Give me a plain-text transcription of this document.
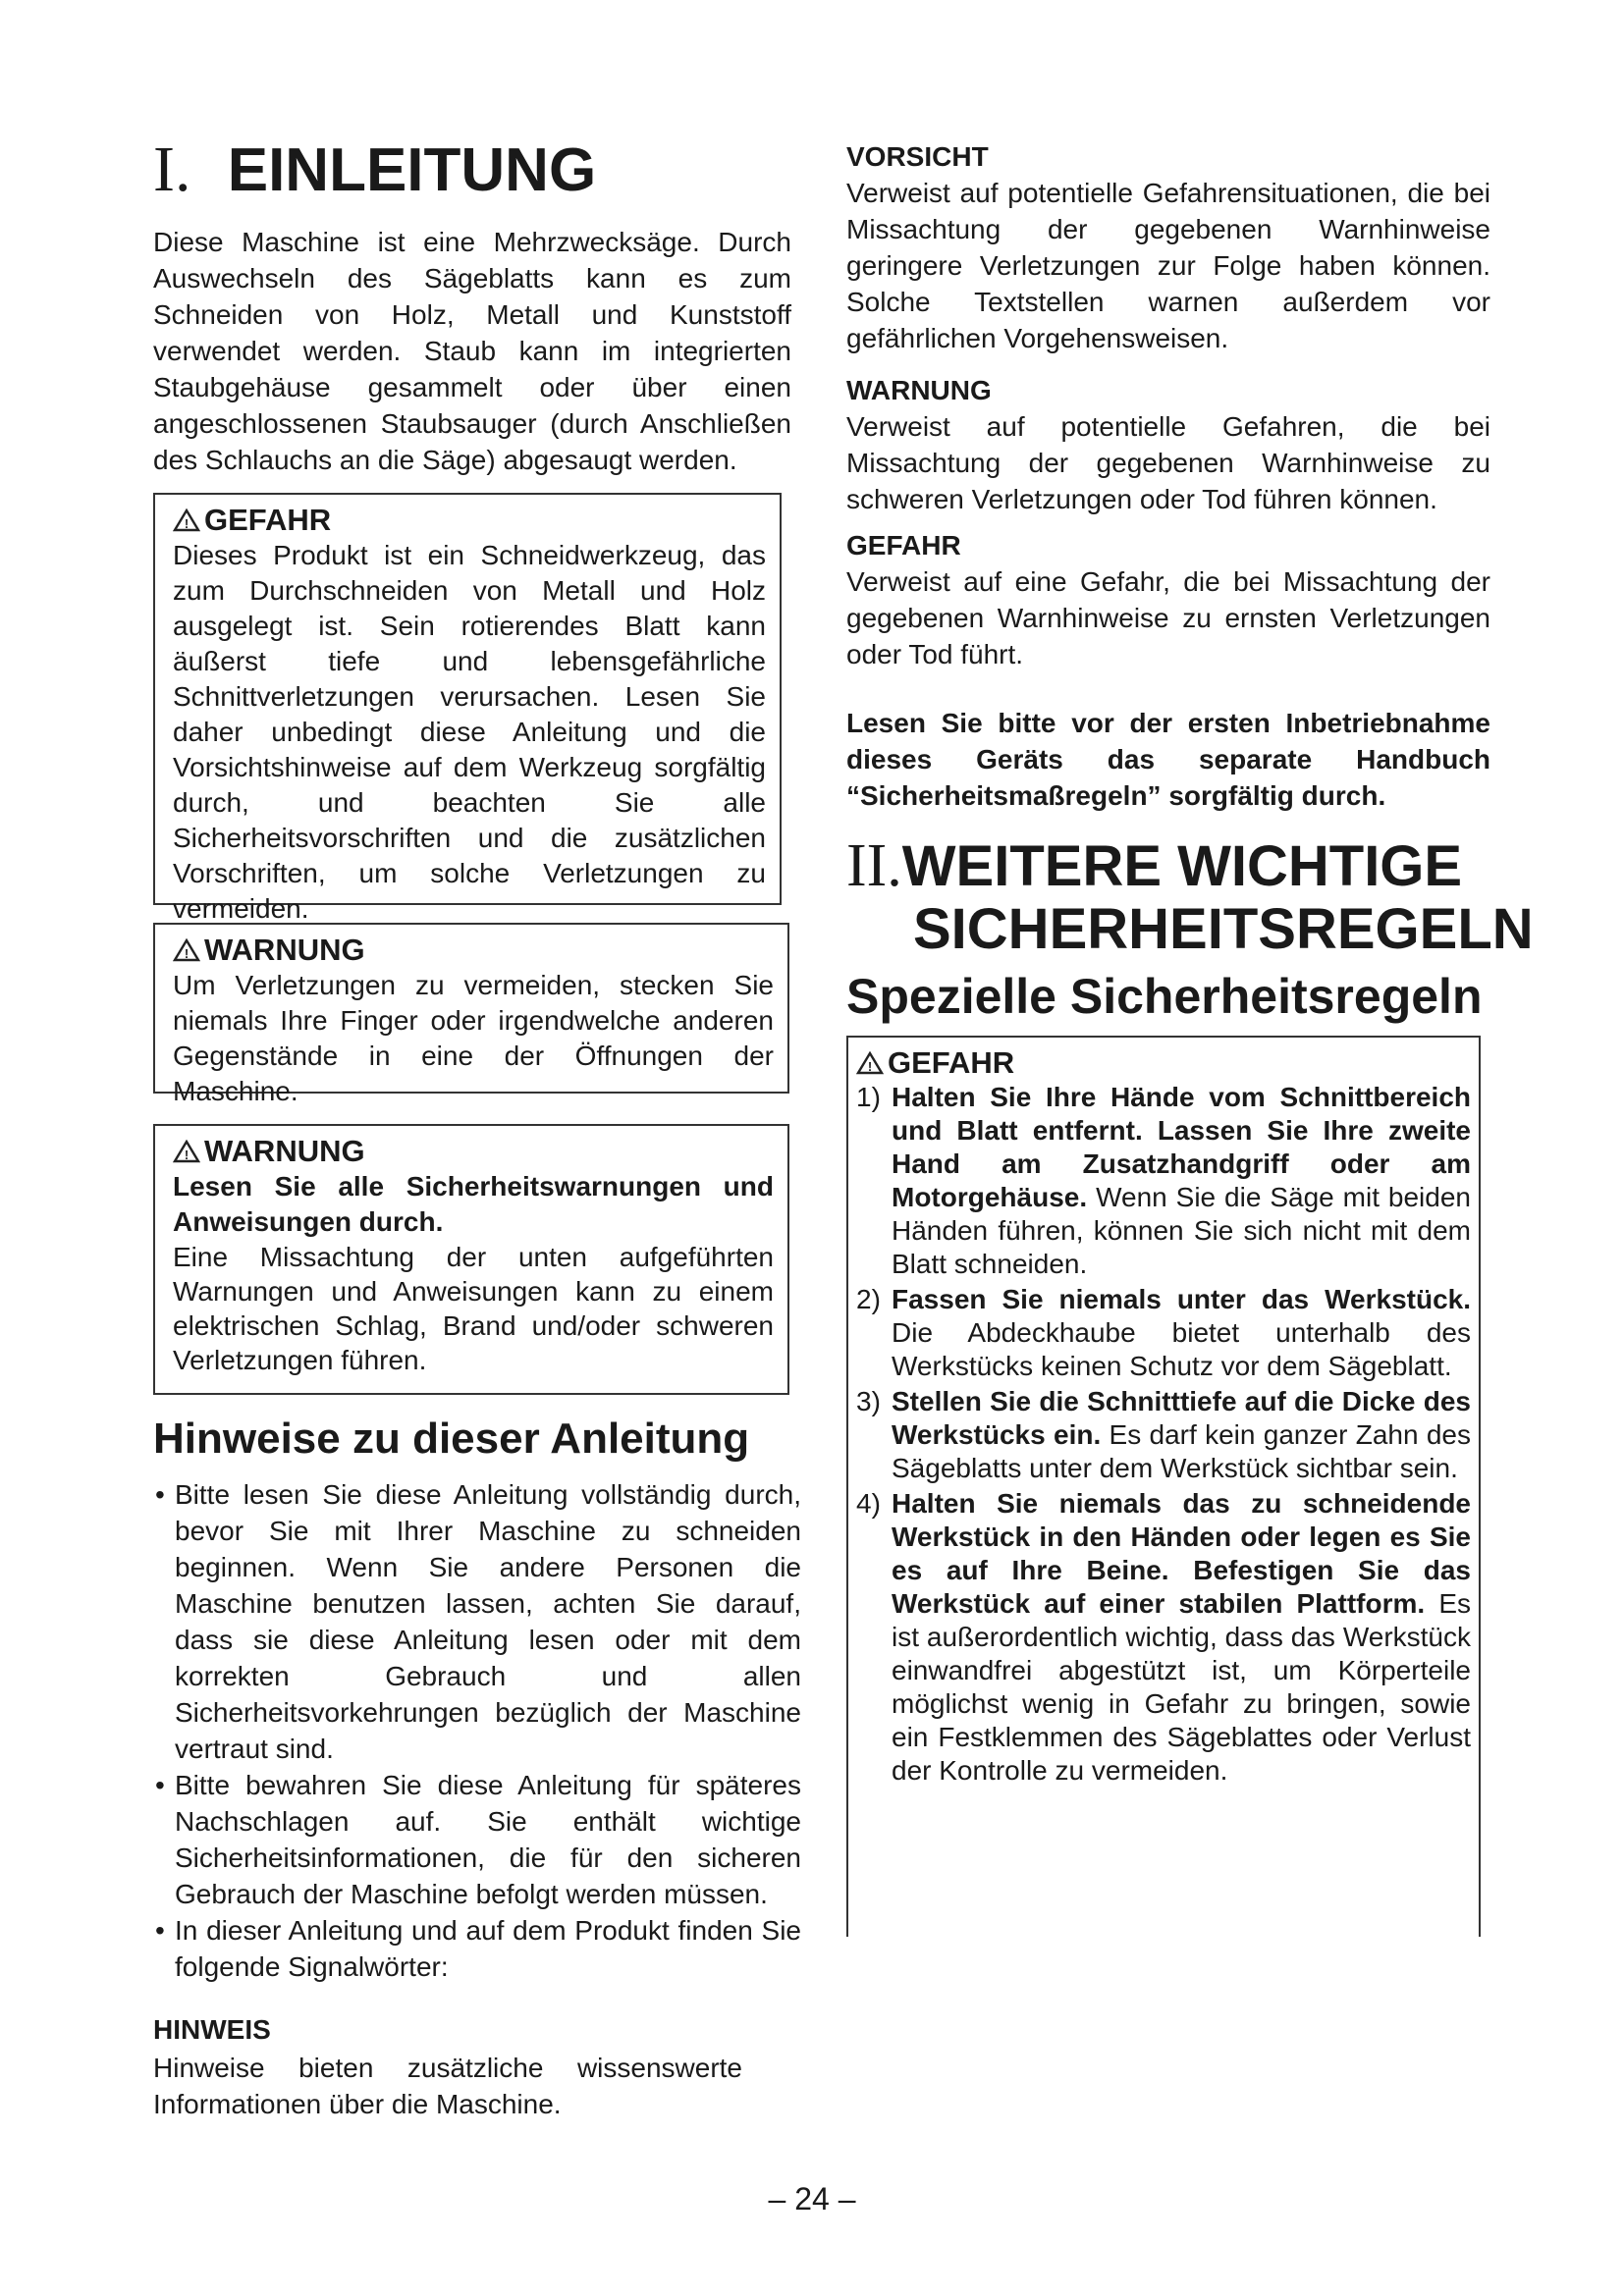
I. EINLEITUNG

Diese Maschine ist eine Mehrzwecksäge. Durch Auswechseln des Sägeblatts kann es zum Schneiden von Holz, Metall und Kunststoff verwendet werden. Staub kann im integrierten Staubgehäuse gesammelt oder über einen angeschlossenen Staubsauger (durch Anschließen des Schlauchs an die Säge) abgesaugt werden.

! GEFAHR

Dieses Produkt ist ein Schneidwerkzeug, das zum Durchschneiden von Metall und Holz ausgelegt ist. Sein rotierendes Blatt kann äußerst tiefe und lebensgefährliche Schnittverletzungen verursachen. Lesen Sie daher unbedingt diese Anleitung und die Vorsichtshinweise auf dem Werkzeug sorgfältig durch, und beachten Sie alle Sicherheitsvorschriften und die zusätzlichen Vorschriften, um solche Verletzungen zu vermeiden.

! WARNUNG

Um Verletzungen zu vermeiden, stecken Sie niemals Ihre Finger oder irgendwelche anderen Gegenstände in eine der Öffnungen der Maschine.

! WARNUNG

Lesen Sie alle Sicherheitswarnungen und Anweisungen durch.

Eine Missachtung der unten aufgeführten Warnungen und Anweisungen kann zu einem elektrischen Schlag, Brand und/oder schweren Verletzungen führen.

Hinweise zu dieser Anleitung
• Bitte lesen Sie diese Anleitung vollständig durch, bevor Sie mit Ihrer Maschine zu schneiden beginnen. Wenn Sie andere Personen die Maschine benutzen lassen, achten Sie darauf, dass sie diese Anleitung lesen oder mit dem korrekten Gebrauch und allen Sicherheitsvorkehrungen bezüglich der Maschine vertraut sind.
• Bitte bewahren Sie diese Anleitung für späteres Nachschlagen auf. Sie enthält wichtige Sicherheitsinformationen, die für den sicheren Gebrauch der Maschine befolgt werden müssen.
• In dieser Anleitung und auf dem Produkt finden Sie folgende Signalwörter:
HINWEIS

Hinweise bieten zusätzliche wissenswerte Informationen über die Maschine.

VORSICHT

Verweist auf potentielle Gefahrensituationen, die bei Missachtung der gegebenen Warnhinweise geringere Verletzungen zur Folge haben können. Solche Textstellen warnen außerdem vor gefährlichen Vorgehensweisen.

WARNUNG

Verweist auf potentielle Gefahren, die bei Missachtung der gegebenen Warnhinweise zu schweren Verletzungen oder Tod führen können.

GEFAHR

Verweist auf eine Gefahr, die bei Missachtung der gegebenen Warnhinweise zu ernsten Verletzungen oder Tod führt.

Lesen Sie bitte vor der ersten Inbetriebnahme dieses Geräts das separate Handbuch “Sicherheitsmaßregeln” sorgfältig durch.

II.WEITERE WICHTIGE
SICHERHEITSREGELN
Spezielle Sicherheitsregeln
! GEFAHR
1) Halten Sie Ihre Hände vom Schnittbereich und Blatt entfernt. Lassen Sie Ihre zweite Hand am Zusatzhandgriff oder am Motorgehäuse. Wenn Sie die Säge mit beiden Händen führen, können Sie sich nicht mit dem Blatt schneiden.
2) Fassen Sie niemals unter das Werkstück. Die Abdeckhaube bietet unterhalb des Werkstücks keinen Schutz vor dem Sägeblatt.
3) Stellen Sie die Schnitttiefe auf die Dicke des Werkstücks ein. Es darf kein ganzer Zahn des Sägeblatts unter dem Werkstück sichtbar sein.
4) Halten Sie niemals das zu schneidende Werkstück in den Händen oder legen es Sie es auf Ihre Beine. Befestigen Sie das Werkstück auf einer stabilen Plattform. Es ist außerordentlich wichtig, dass das Werkstück einwandfrei abgestützt ist, um Körperteile möglichst wenig in Gefahr zu bringen, sowie ein Festklemmen des Sägeblattes oder Verlust der Kontrolle zu vermeiden.
– 24 –
